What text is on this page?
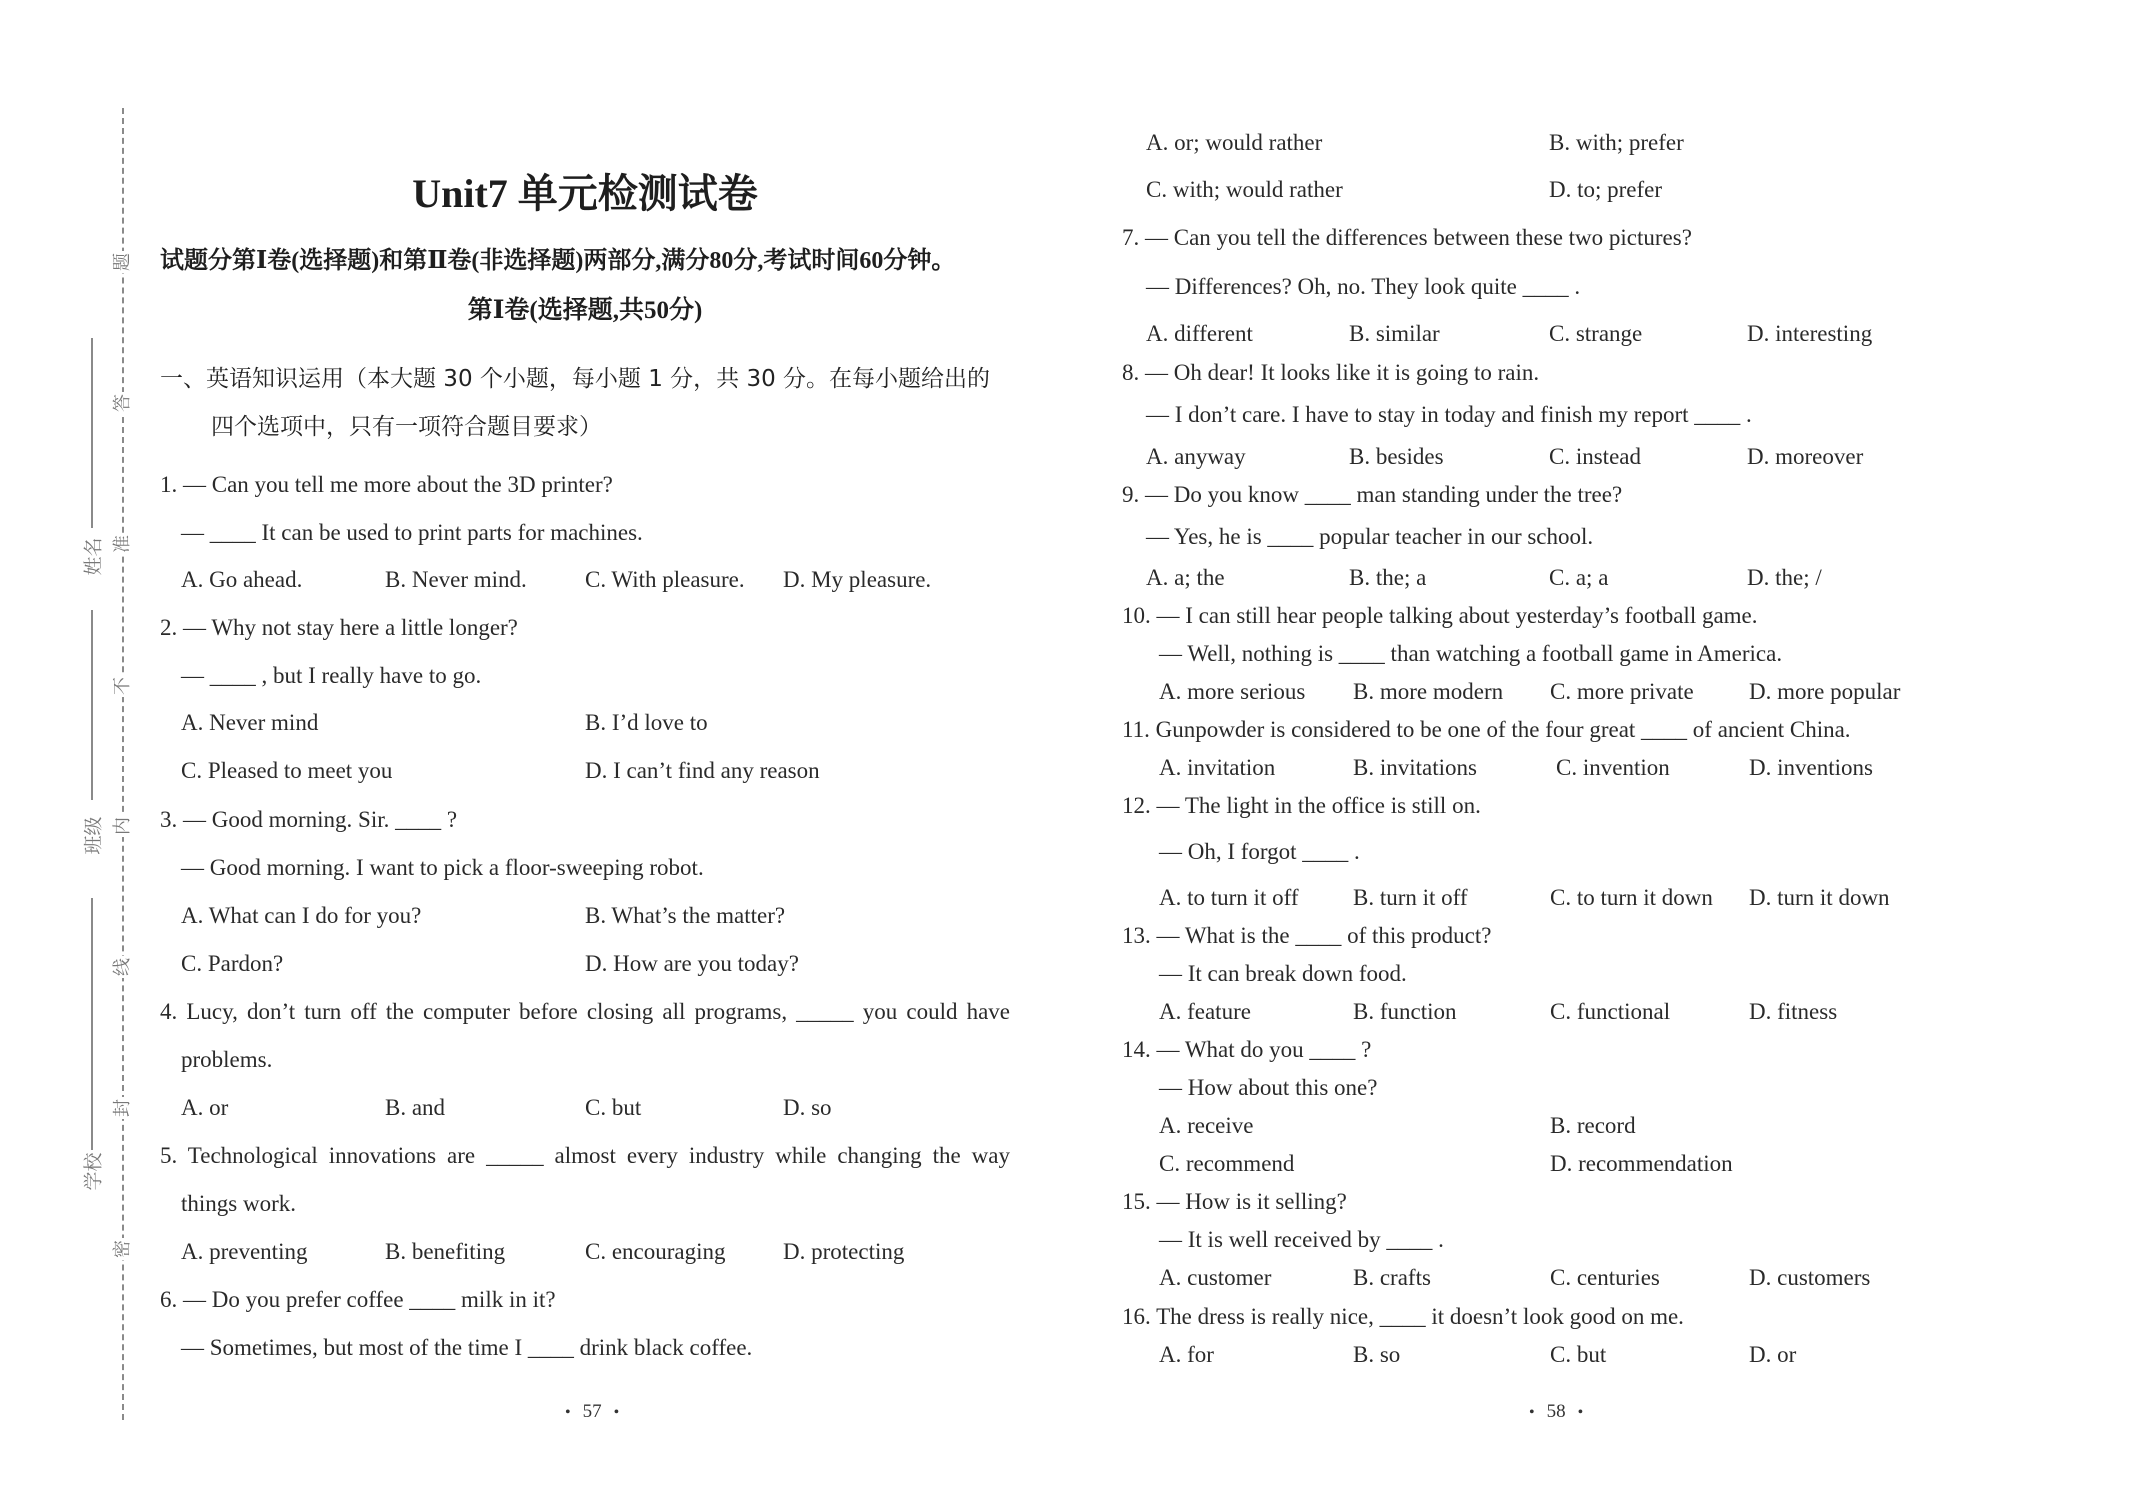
姓名
班级
学校
题
答
准
不
内
线
封
密
Unit7 单元检测试卷
试题分第Ⅰ卷(选择题)和第Ⅱ卷(非选择题)两部分,满分80分,考试时间60分钟。
第Ⅰ卷(选择题,共50分)
一、英语知识运用（本大题 30 个小题，每小题 1 分，共 30 分。在每小题给出的
四个选项中，只有一项符合题目要求）
1. — Can you tell me more about the 3D printer?
— ____ It can be used to print parts for machines.
A. Go ahead.	B. Never mind.	C. With pleasure. D. My pleasure.
2. — Why not stay here a little longer?
— ____ , but I really have to go.
A. Never mind	B. I’d love to
C. Pleased to meet you	D. I can’t find any reason
3. — Good morning. Sir. ____ ?
— Good morning. I want to pick a floor-sweeping robot.
A. What can I do for you?	B. What’s the matter?
C. Pardon?	D. How are you today?
4. Lucy, don’t turn off the computer before closing all programs, _____ you could have
problems.
A. or	B. and	C. but	D. so
5. Technological innovations are _____ almost every industry while changing the way
things work.
A. preventing	B. benefiting	C. encouraging D. protecting
6. — Do you prefer coffee ____ milk in it?
— Sometimes, but most of the time I ____ drink black coffee.
• 57 •
A. or; would rather	B. with; prefer
C. with; would rather	D. to; prefer
7. — Can you tell the differences between these two pictures?
— Differences? Oh, no. They look quite ____ .
A. different	B. similar	C. strange	D. interesting
8. — Oh dear! It looks like it is going to rain.
— I don’t care. I have to stay in today and finish my report ____ .
A. anyway	B. besides	C. instead	D. moreover
9. — Do you know ____ man standing under the tree?
— Yes, he is ____ popular teacher in our school.
A. a; the	B. the; a	C. a; a	D. the; /
10. — I can still hear people talking about yesterday’s football game.
— Well, nothing is ____ than watching a football game in America.
A. more serious B. more modern C. more private D. more popular
11. Gunpowder is considered to be one of the four great ____ of ancient China.
A. invitation	B. invitations	C. invention	D. inventions
12. — The light in the office is still on.
— Oh, I forgot ____ .
A. to turn it off B. turn it off	C. to turn it down D. turn it down
13. — What is the ____ of this product?
— It can break down food.
A. feature	B. function	C. functional	D. fitness
14. — What do you ____ ?
— How about this one?
A. receive	B. record
C. recommend	D. recommendation
15. — How is it selling?
— It is well received by ____ .
A. customer	B. crafts	C. centuries	D. customers
16. The dress is really nice, ____ it doesn’t look good on me.
A. for	B. so	C. but	D. or
• 58 •
